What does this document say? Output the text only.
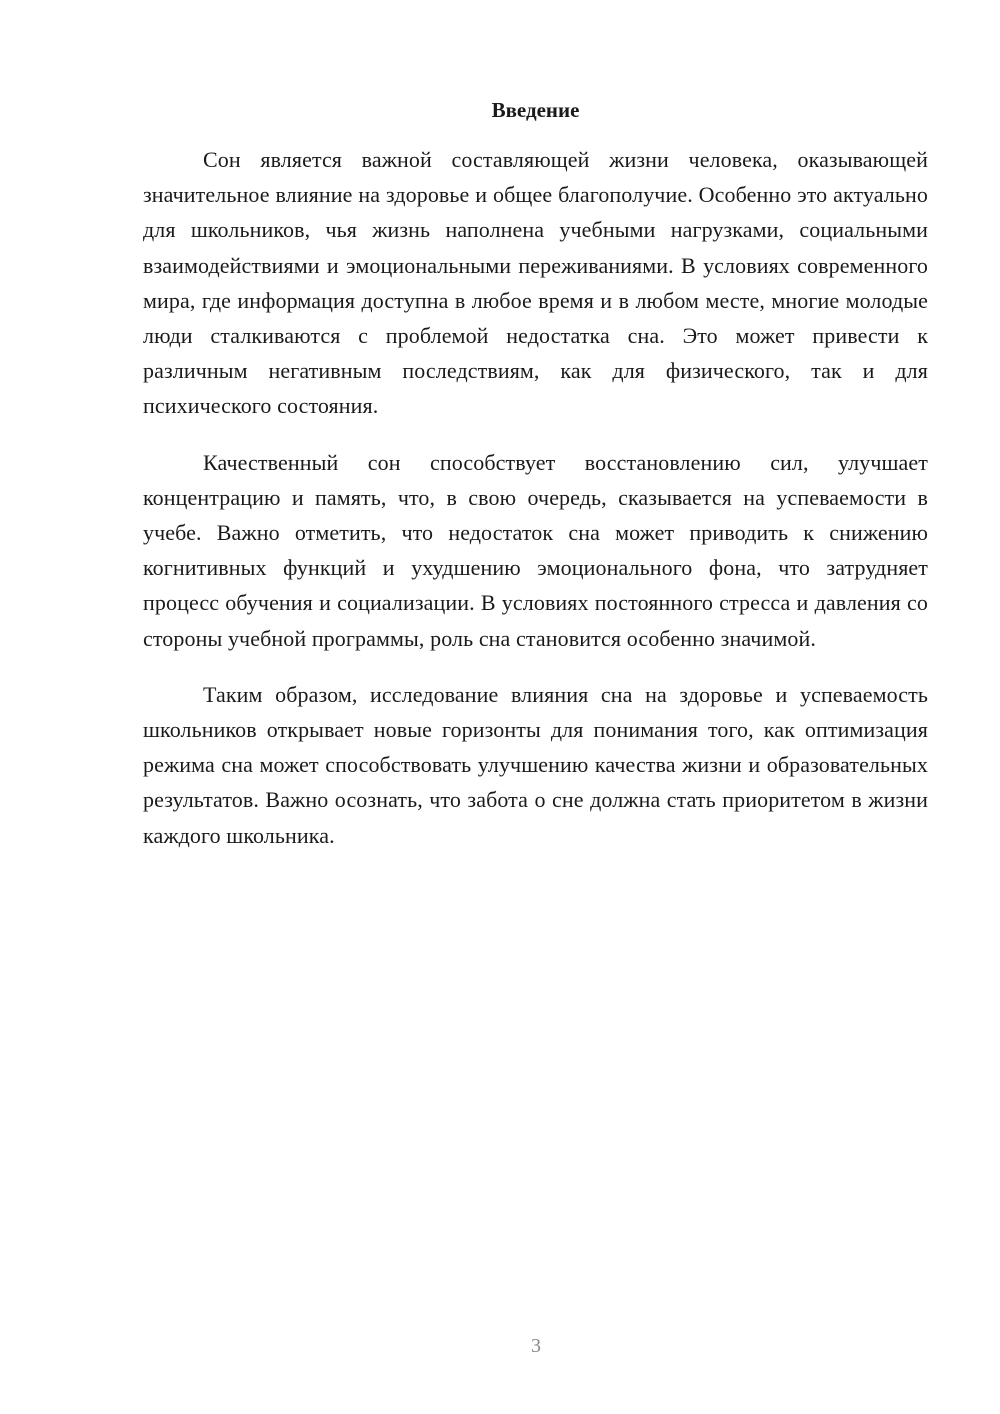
Введение

Сон является важной составляющей жизни человека, оказывающей значительное влияние на здоровье и общее благополучие. Особенно это актуально для школьников, чья жизнь наполнена учебными нагрузками, социальными взаимодействиями и эмоциональными переживаниями. В условиях современного мира, где информация доступна в любое время и в любом месте, многие молодые люди сталкиваются с проблемой недостатка сна. Это может привести к различным негативным последствиям, как для физического, так и для психического состояния.

Качественный сон способствует восстановлению сил, улучшает концентрацию и память, что, в свою очередь, сказывается на успеваемости в учебе. Важно отметить, что недостаток сна может приводить к снижению когнитивных функций и ухудшению эмоционального фона, что затрудняет процесс обучения и социализации. В условиях постоянного стресса и давления со стороны учебной программы, роль сна становится особенно значимой.

Таким образом, исследование влияния сна на здоровье и успеваемость школьников открывает новые горизонты для понимания того, как оптимизация режима сна может способствовать улучшению качества жизни и образовательных результатов. Важно осознать, что забота о сне должна стать приоритетом в жизни каждого школьника.

3
